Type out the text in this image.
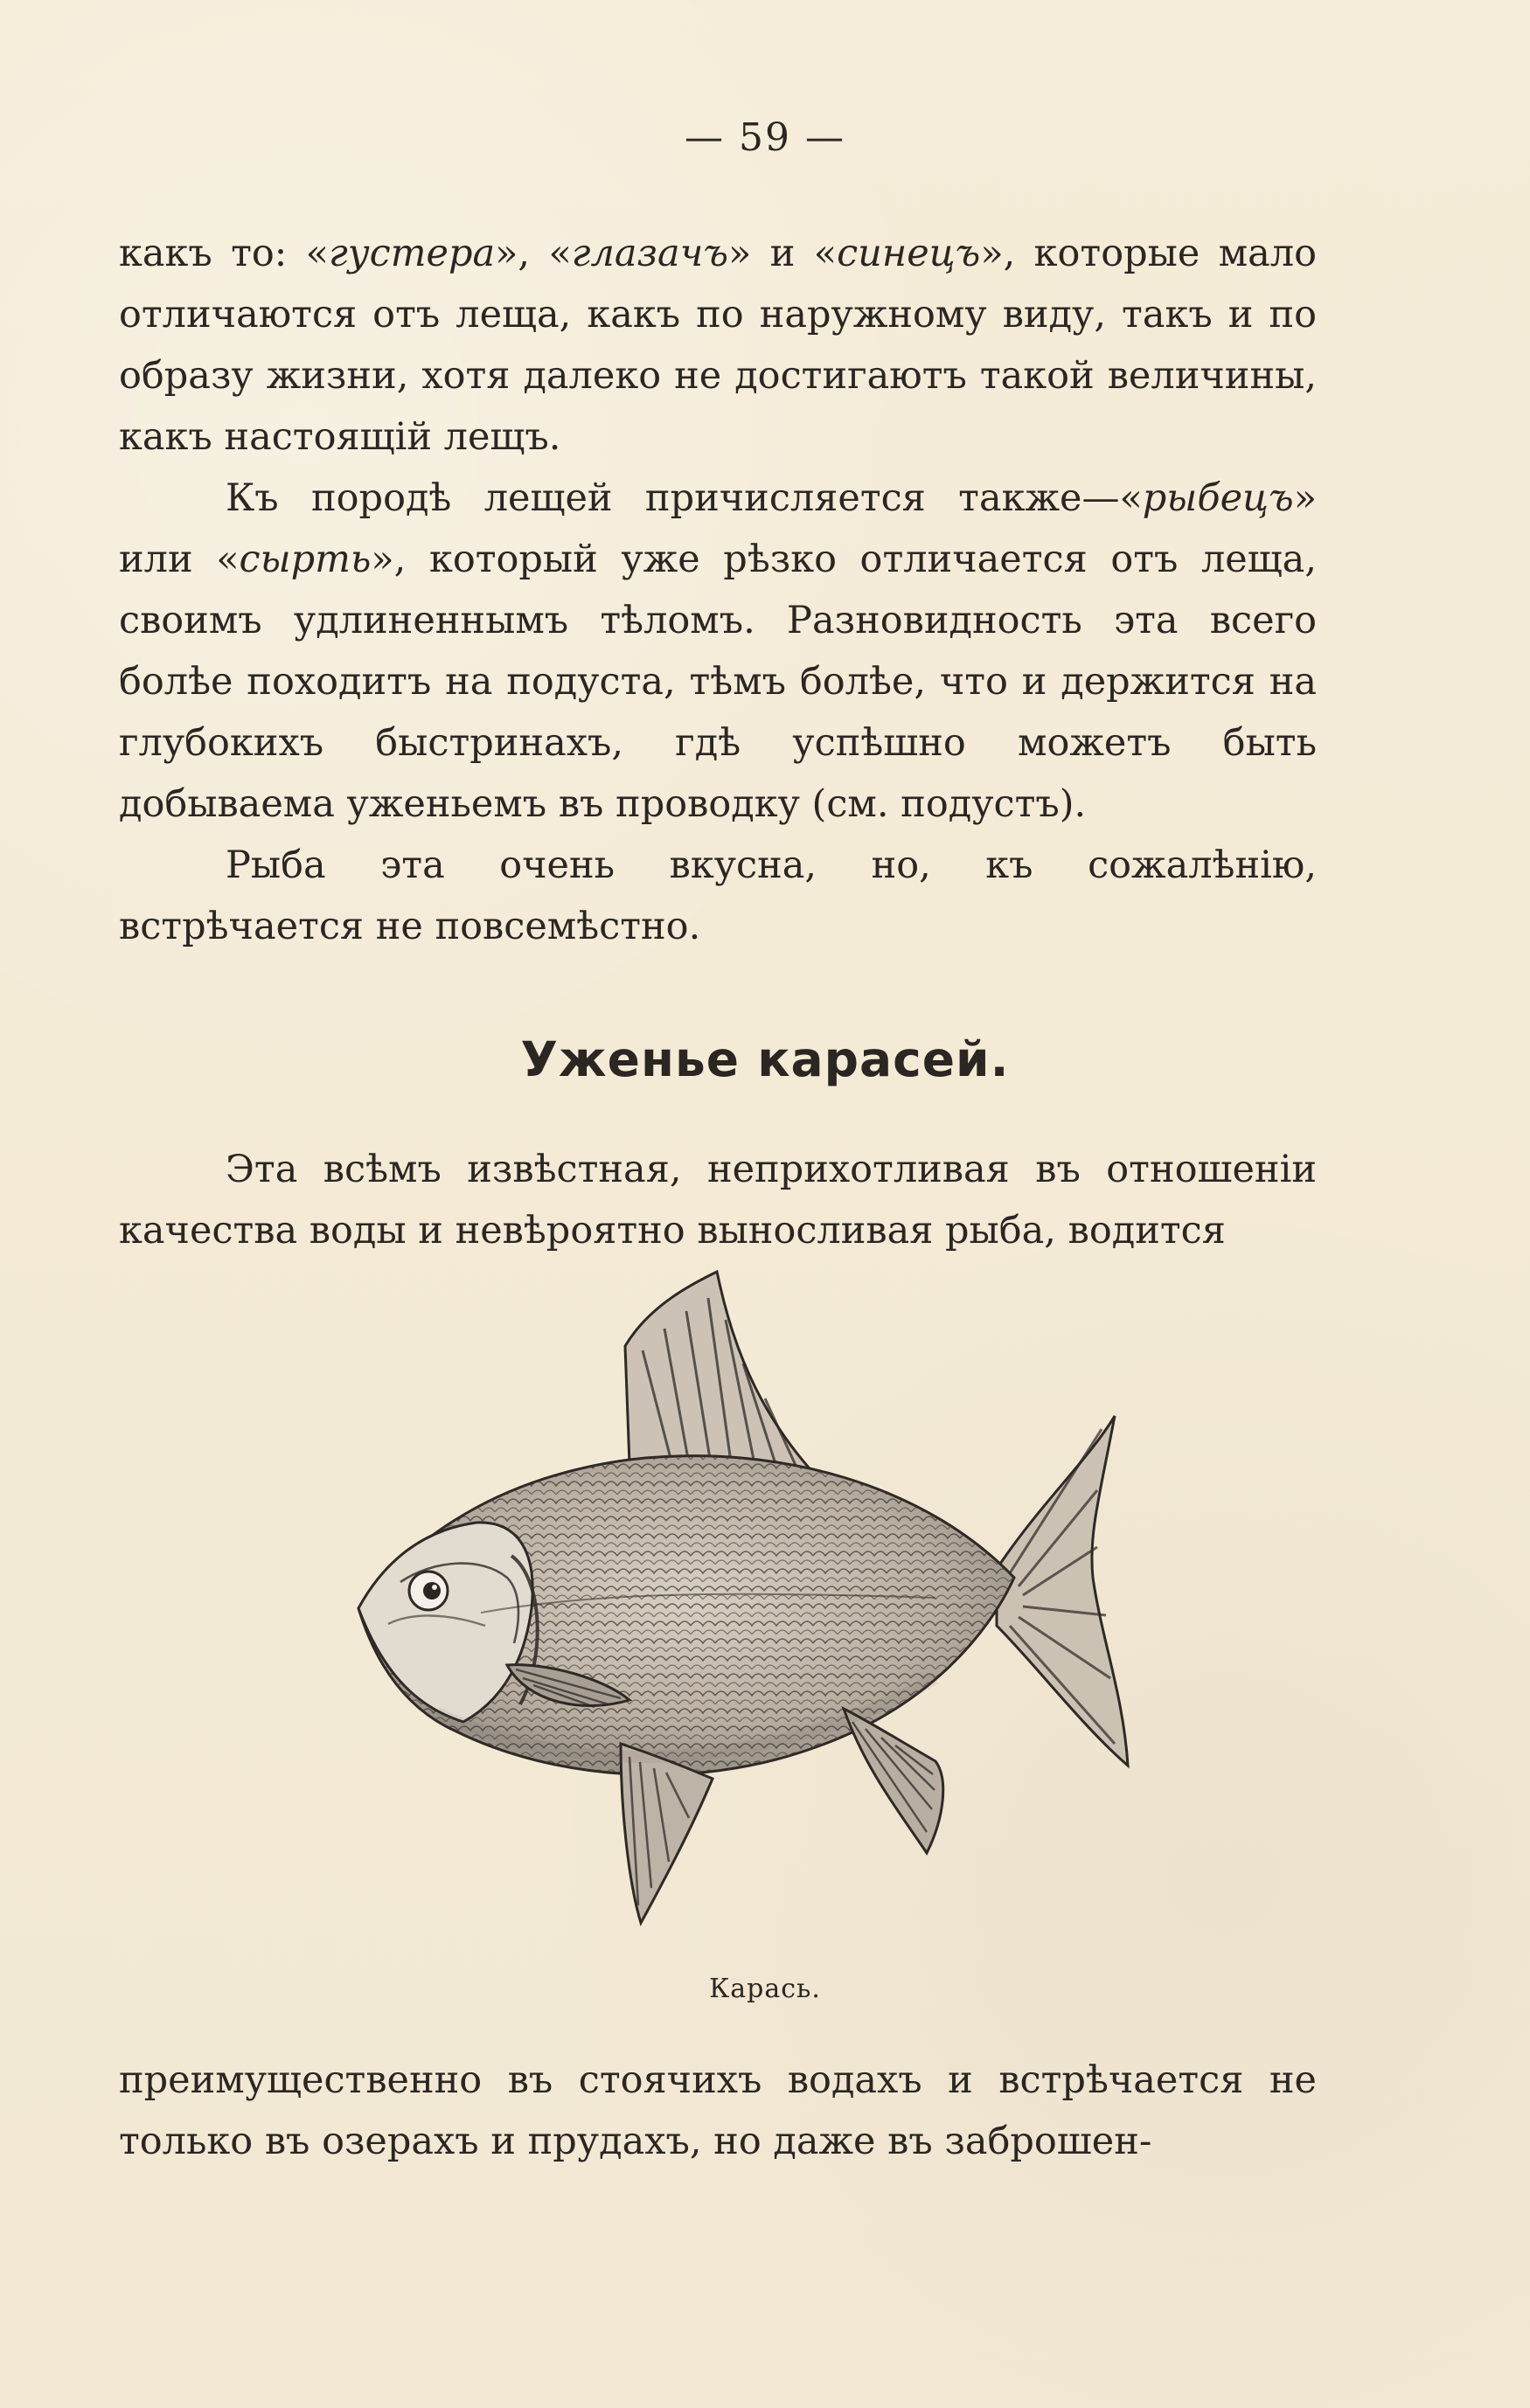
— 59 —

какъ то: «густера», «глазачъ» и «синецъ», которые мало отличаются отъ леща, какъ по наружному виду, такъ и по образу жизни, хотя далеко не достигаютъ такой величины, какъ настоящій лещъ.

Къ породѣ лещей причисляется также—«рыбецъ» или «сырть», который уже рѣзко отличается отъ леща, своимъ удлиненнымъ тѣломъ. Разновидность эта всего болѣе походитъ на подуста, тѣмъ болѣе, что и держится на глубокихъ быстринахъ, гдѣ успѣшно можетъ быть добываема уженьемъ въ проводку (см. подустъ).

Рыба эта очень вкусна, но, къ сожалѣнію, встрѣчается не повсемѣстно.

Уженье карасей.

Эта всѣмъ извѣстная, неприхотливая въ отношеніи качества воды и невѣроятно выносливая рыба, водится

Карась.

преимущественно въ стоячихъ водахъ и встрѣчается не только въ озерахъ и прудахъ, но даже въ заброшен-
